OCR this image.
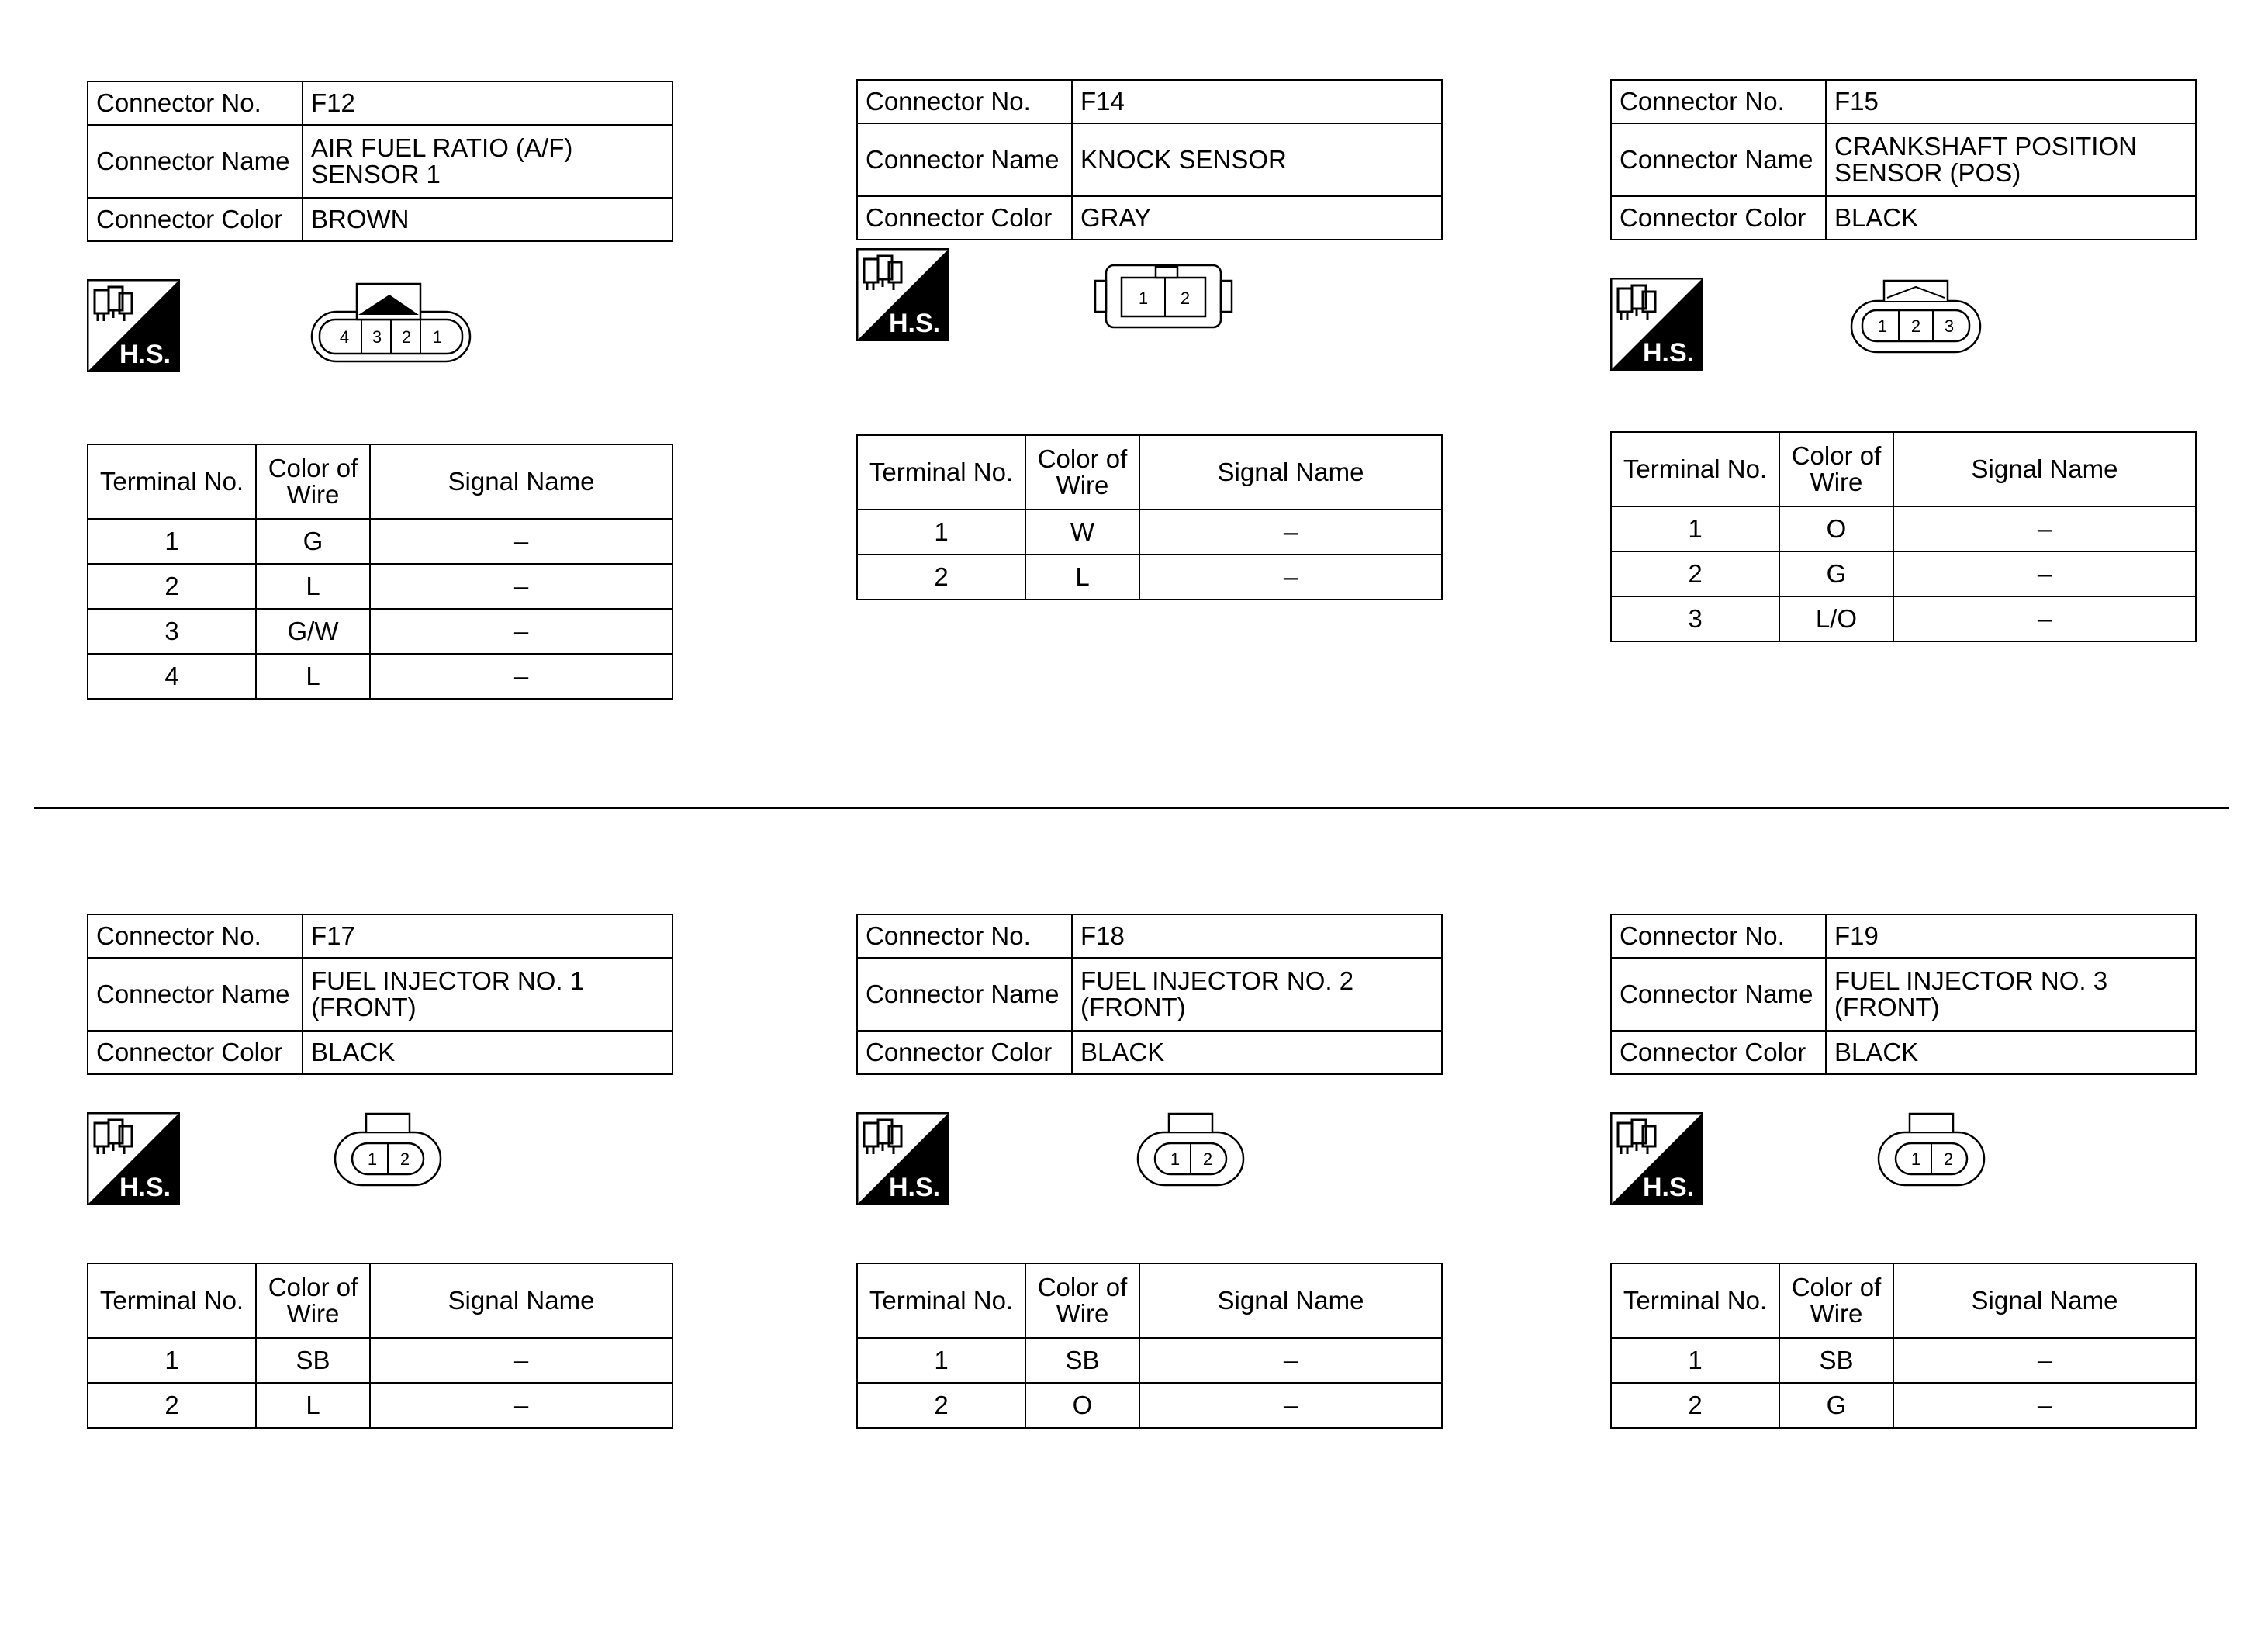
Connector No.	F12
Connector Name	AIR FUEL RATIO (A/F) SENSOR 1
Connector Color	BROWN
H.S.
4 3 2 1
Terminal No.	Color of Wire	Signal Name
1	G	–
2	L	–
3	G/W	–
4	L	–
Connector No.	F14
Connector Name	KNOCK SENSOR
Connector Color	GRAY
H.S.
1 2
Terminal No.	Color of Wire	Signal Name
1	W	–
2	L	–
Connector No.	F15
Connector Name	CRANKSHAFT POSITION SENSOR (POS)
Connector Color	BLACK
H.S.
1 2 3
Terminal No.	Color of Wire	Signal Name
1	O	–
2	G	–
3	L/O	–
Connector No.	F17
Connector Name	FUEL INJECTOR NO. 1 (FRONT)
Connector Color	BLACK
H.S.
1 2
Terminal No.	Color of Wire	Signal Name
1	SB	–
2	L	–
Connector No.	F18
Connector Name	FUEL INJECTOR NO. 2 (FRONT)
Connector Color	BLACK
H.S.
1 2
Terminal No.	Color of Wire	Signal Name
1	SB	–
2	O	–
Connector No.	F19
Connector Name	FUEL INJECTOR NO. 3 (FRONT)
Connector Color	BLACK
H.S.
1 2
Terminal No.	Color of Wire	Signal Name
1	SB	–
2	G	–
